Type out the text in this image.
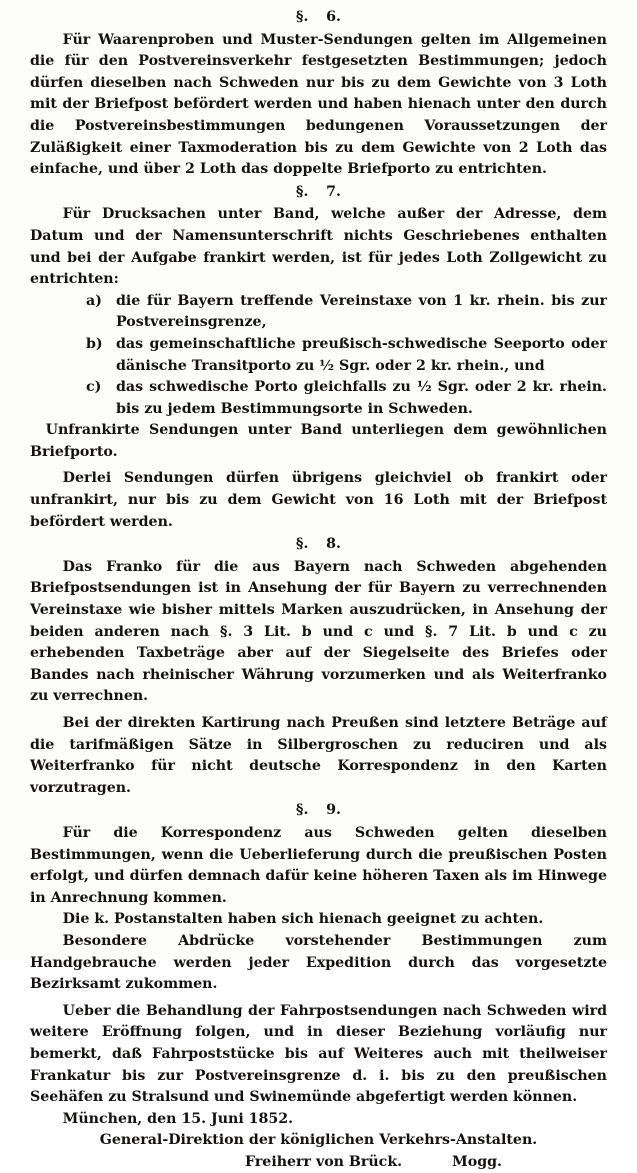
§. 6.

Für Waarenproben und Muster-Sendungen gelten im Allgemeinen die für den Postvereinsverkehr festgesetzten Bestimmungen; jedoch dürfen dieselben nach Schweden nur bis zu dem Gewichte von 3 Loth mit der Briefpost befördert werden und haben hienach unter den durch die Postvereinsbestimmungen bedungenen Voraussetzungen der Zuläßigkeit einer Taxmoderation bis zu dem Gewichte von 2 Loth das einfache, und über 2 Loth das doppelte Briefporto zu entrichten.

§. 7.

Für Drucksachen unter Band, welche außer der Adresse, dem Datum und der Namensunterschrift nichts Geschriebenes enthalten und bei der Aufgabe frankirt werden, ist für jedes Loth Zollgewicht zu entrichten:

a) die für Bayern treffende Vereinstaxe von 1 kr. rhein. bis zur Postvereinsgrenze,
b) das gemeinschaftliche preußisch-schwedische Seeporto oder dänische Transitporto zu ½ Sgr. oder 2 kr. rhein., und
c)	das schwedische Porto gleichfalls zu ½ Sgr. oder 2 kr. rhein. bis zu jedem Bestimmungsorte in Schweden.

Unfrankirte Sendungen unter Band unterliegen dem gewöhnlichen Briefporto.

Derlei Sendungen dürfen übrigens gleichviel ob frankirt oder unfrankirt, nur bis zu dem Gewicht von 16 Loth mit der Briefpost befördert werden.

§. 8.

Das Franko für die aus Bayern nach Schweden abgehenden Briefpostsendungen ist in Ansehung der für Bayern zu verrechnenden Vereinstaxe wie bisher mittels Marken auszudrücken, in Ansehung der beiden anderen nach §. 3 Lit. b und c und §. 7 Lit. b und c zu erhebenden Taxbeträge aber auf der Siegelseite des Briefes oder Bandes nach rheinischer Währung vorzumerken und als Weiterfranko zu verrechnen.

Bei der direkten Kartirung nach Preußen sind letztere Beträge auf die tarifmäßigen Sätze in Silbergroschen zu reduciren und als Weiterfranko für nicht deutsche Korrespondenz in den Karten vorzutragen.

§. 9.

Für die Korrespondenz aus Schweden gelten dieselben Bestimmungen, wenn die Ueberlieferung durch die preußischen Posten erfolgt, und dürfen demnach dafür keine höheren Taxen als im Hinwege in Anrechnung kommen.

Die k. Postanstalten haben sich hienach geeignet zu achten.

Besondere Abdrücke vorstehender Bestimmungen zum Handgebrauche werden jeder Expedition durch das vorgesetzte Bezirksamt zukommen.

Ueber die Behandlung der Fahrpostsendungen nach Schweden wird weitere Eröffnung folgen, und in dieser Beziehung vorläufig nur bemerkt, daß Fahrpoststücke bis auf Weiteres auch mit theilweiser Frankatur bis zur Postvereinsgrenze d. i. bis zu den preußischen Seehäfen zu Stralsund und Swinemünde abgefertigt werden können.

München, den 15. Juni 1852.

General-Direktion der königlichen Verkehrs-Anstalten.

Freiherr von Brück.	Mogg.
